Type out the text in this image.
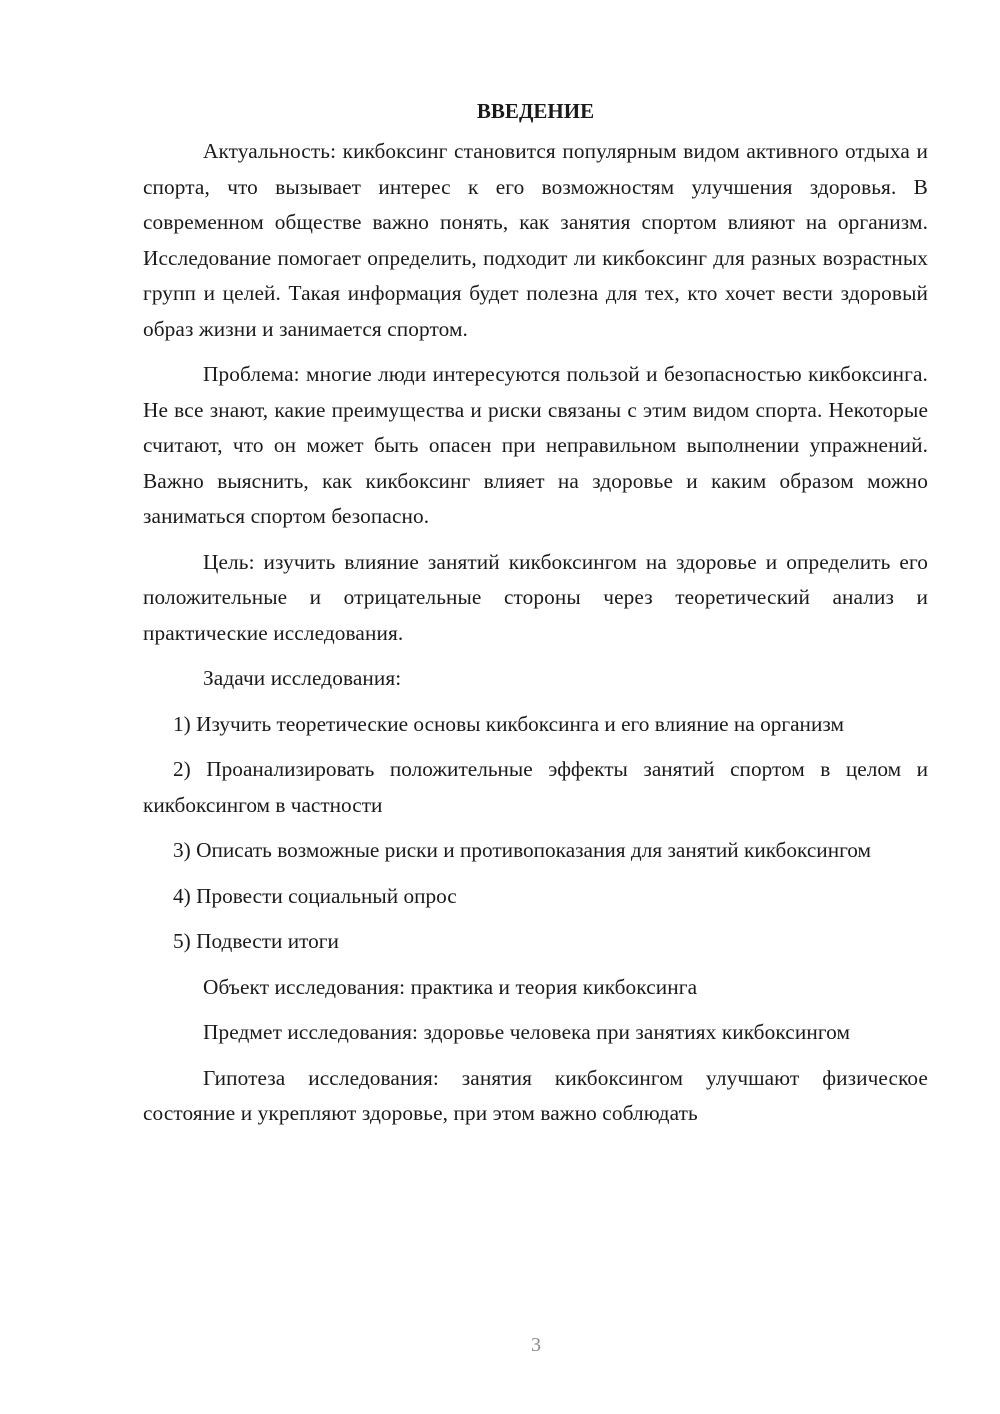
ВВЕДЕНИЕ

Актуальность: кикбоксинг становится популярным видом активного отдыха и спорта, что вызывает интерес к его возможностям улучшения здоровья. В современном обществе важно понять, как занятия спортом влияют на организм. Исследование помогает определить, подходит ли кикбоксинг для разных возрастных групп и целей. Такая информация будет полезна для тех, кто хочет вести здоровый образ жизни и занимается спортом.

Проблема: многие люди интересуются пользой и безопасностью кикбоксинга. Не все знают, какие преимущества и риски связаны с этим видом спорта. Некоторые считают, что он может быть опасен при неправильном выполнении упражнений. Важно выяснить, как кикбоксинг влияет на здоровье и каким образом можно заниматься спортом безопасно.

Цель: изучить влияние занятий кикбоксингом на здоровье и определить его положительные и отрицательные стороны через теоретический анализ и практические исследования.

Задачи исследования:

1) Изучить теоретические основы кикбоксинга и его влияние на организм

2) Проанализировать положительные эффекты занятий спортом в целом и кикбоксингом в частности

3) Описать возможные риски и противопоказания для занятий кикбоксингом

4) Провести социальный опрос

5) Подвести итоги

Объект исследования: практика и теория кикбоксинга

Предмет исследования: здоровье человека при занятиях кикбоксингом

Гипотеза исследования: занятия кикбоксингом улучшают физическое состояние и укрепляют здоровье, при этом важно соблюдать

3
